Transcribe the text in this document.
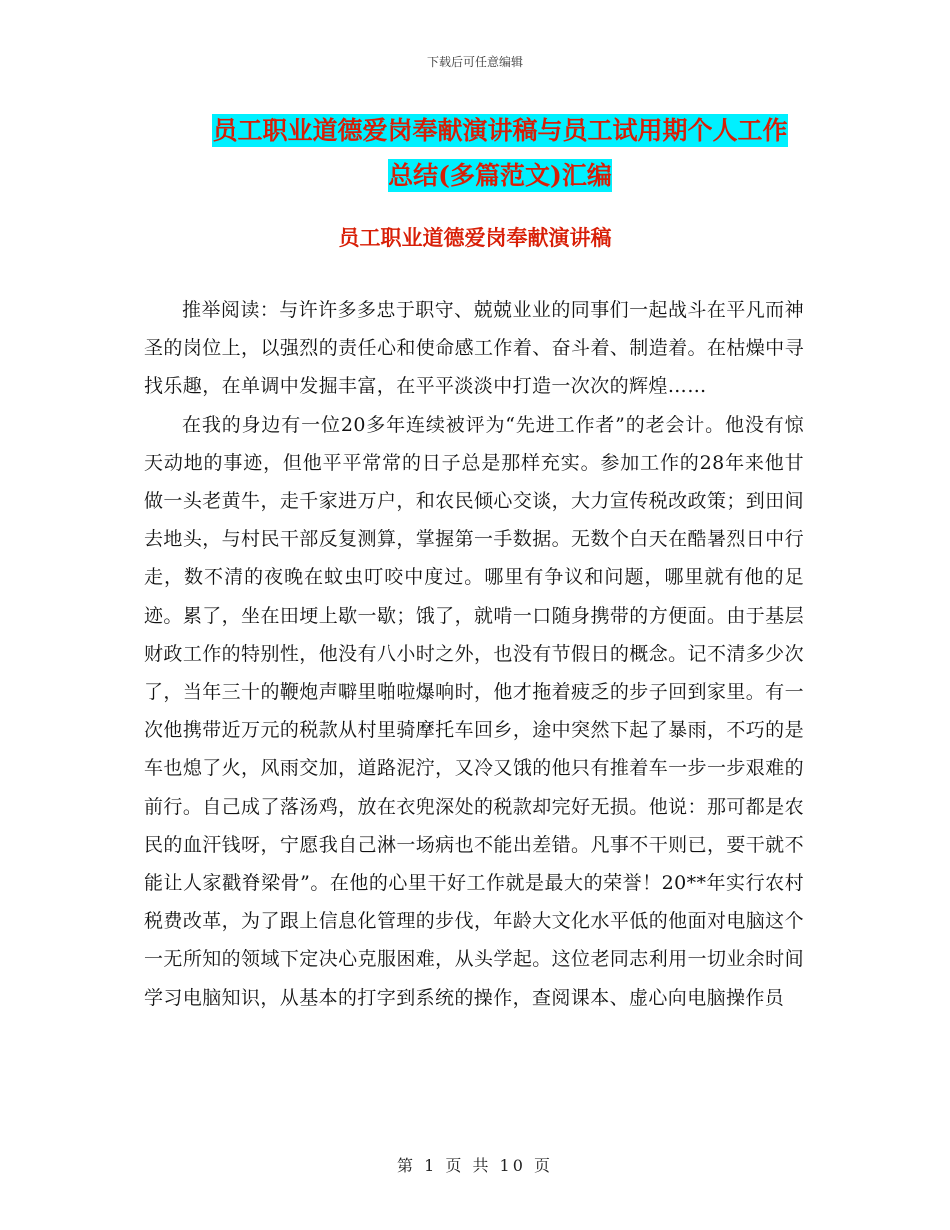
下载后可任意编辑
员工职业道德爱岗奉献演讲稿与员工试用期个人工作
总结(多篇范文)汇编
员工职业道德爱岗奉献演讲稿

推举阅读：与许许多多忠于职守、兢兢业业的同事们一起战斗在平凡而神圣的岗位上，以强烈的责任心和使命感工作着、奋斗着、制造着。在枯燥中寻找乐趣，在单调中发掘丰富，在平平淡淡中打造一次次的辉煌……

在我的身边有一位20多年连续被评为“先进工作者”的老会计。他没有惊天动地的事迹，但他平平常常的日子总是那样充实。参加工作的28年来他甘做一头老黄牛，走千家进万户，和农民倾心交谈，大力宣传税改政策；到田间去地头，与村民干部反复测算，掌握第一手数据。无数个白天在酷暑烈日中行走，数不清的夜晚在蚊虫叮咬中度过。哪里有争议和问题，哪里就有他的足迹。累了，坐在田埂上歇一歇；饿了，就啃一口随身携带的方便面。由于基层财政工作的特别性，他没有八小时之外，也没有节假日的概念。记不清多少次了，当年三十的鞭炮声噼里啪啦爆响时，他才拖着疲乏的步子回到家里。有一次他携带近万元的税款从村里骑摩托车回乡，途中突然下起了暴雨，不巧的是车也熄了火，风雨交加，道路泥泞，又冷又饿的他只有推着车一步一步艰难的前行。自己成了落汤鸡，放在衣兜深处的税款却完好无损。他说：那可都是农民的血汗钱呀，宁愿我自己淋一场病也不能出差错。凡事不干则已，要干就不能让人家戳脊梁骨”。在他的心里干好工作就是最大的荣誉！20**年实行农村税费改革，为了跟上信息化管理的步伐，年龄大文化水平低的他面对电脑这个一无所知的领域下定决心克服困难，从头学起。这位老同志利用一切业余时间学习电脑知识，从基本的打字到系统的操作，查阅课本、虚心向电脑操作员

第 1 页 共 10 页
